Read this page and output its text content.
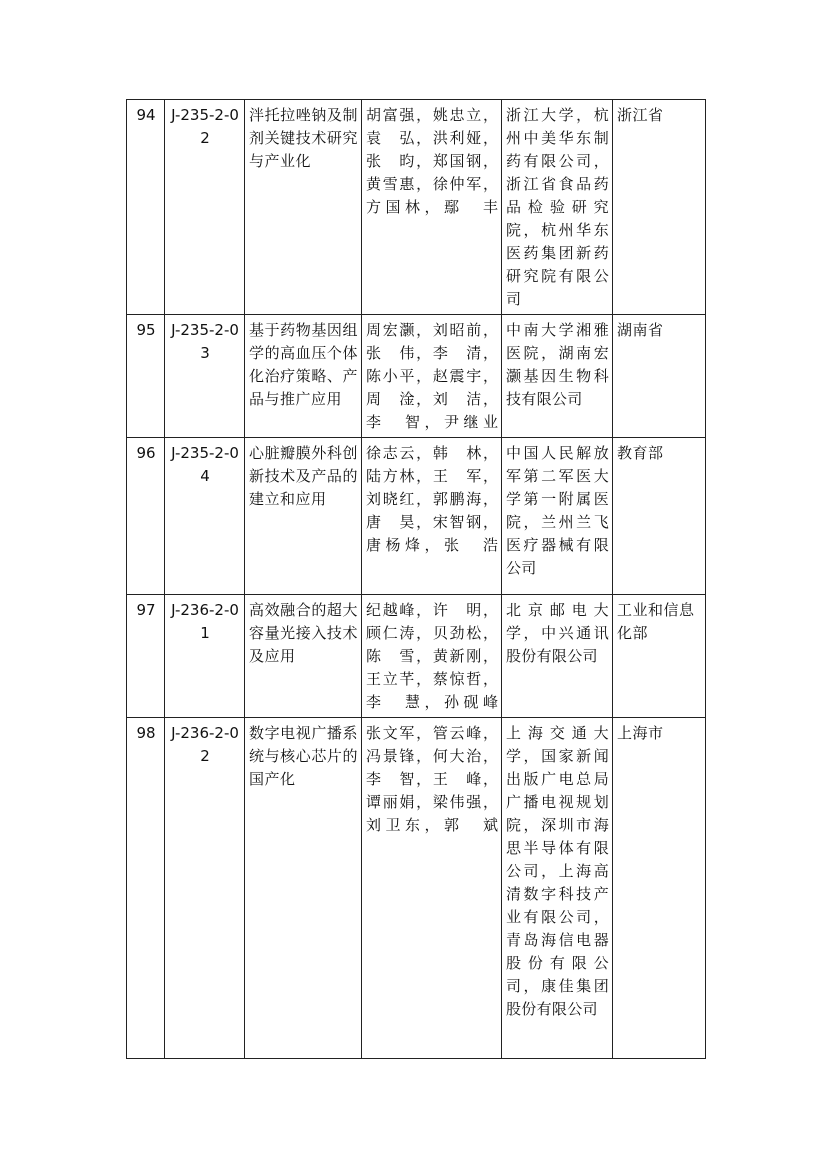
94	J-235-2-02	泮托拉唑钠及制剂关键技术研究与产业化	胡富强，姚忠立，
袁　弘，洪利娅，
张　昀，郑国钢，
黄雪惠，徐仲军，
方国林，鄢　丰	浙江大学，杭州中美华东制药有限公司，浙江省食品药品检验研究院，杭州华东医药集团新药研究院有限公司	浙江省
95	J-235-2-03	基于药物基因组学的高血压个体化治疗策略、产品与推广应用	周宏灏，刘昭前，
张　伟，李　清，
陈小平，赵震宇，
周　淦，刘　洁，
李　智，尹继业	中南大学湘雅医院，湖南宏灏基因生物科技有限公司	湖南省
96	J-235-2-04	心脏瓣膜外科创新技术及产品的建立和应用	徐志云，韩　林，
陆方林，王　军，
刘晓红，郭鹏海，
唐　昊，宋智钢，
唐杨烽，张　浩	中国人民解放军第二军医大学第一附属医院，兰州兰飞医疗器械有限公司	教育部
97	J-236-2-01	高效融合的超大容量光接入技术及应用	纪越峰，许　明，
顾仁涛，贝劲松，
陈　雪，黄新刚，
王立芊，蔡惊哲，
李　慧，孙砚峰	北京邮电大学，中兴通讯股份有限公司	工业和信息化部
98	J-236-2-02	数字电视广播系统与核心芯片的国产化	张文军，管云峰，
冯景锋，何大治，
李　智，王　峰，
谭丽娟，梁伟强，
刘卫东，郭　斌	上海交通大学，国家新闻出版广电总局广播电视规划院，深圳市海思半导体有限公司，上海高清数字科技产业有限公司，青岛海信电器股份有限公司，康佳集团股份有限公司	上海市
